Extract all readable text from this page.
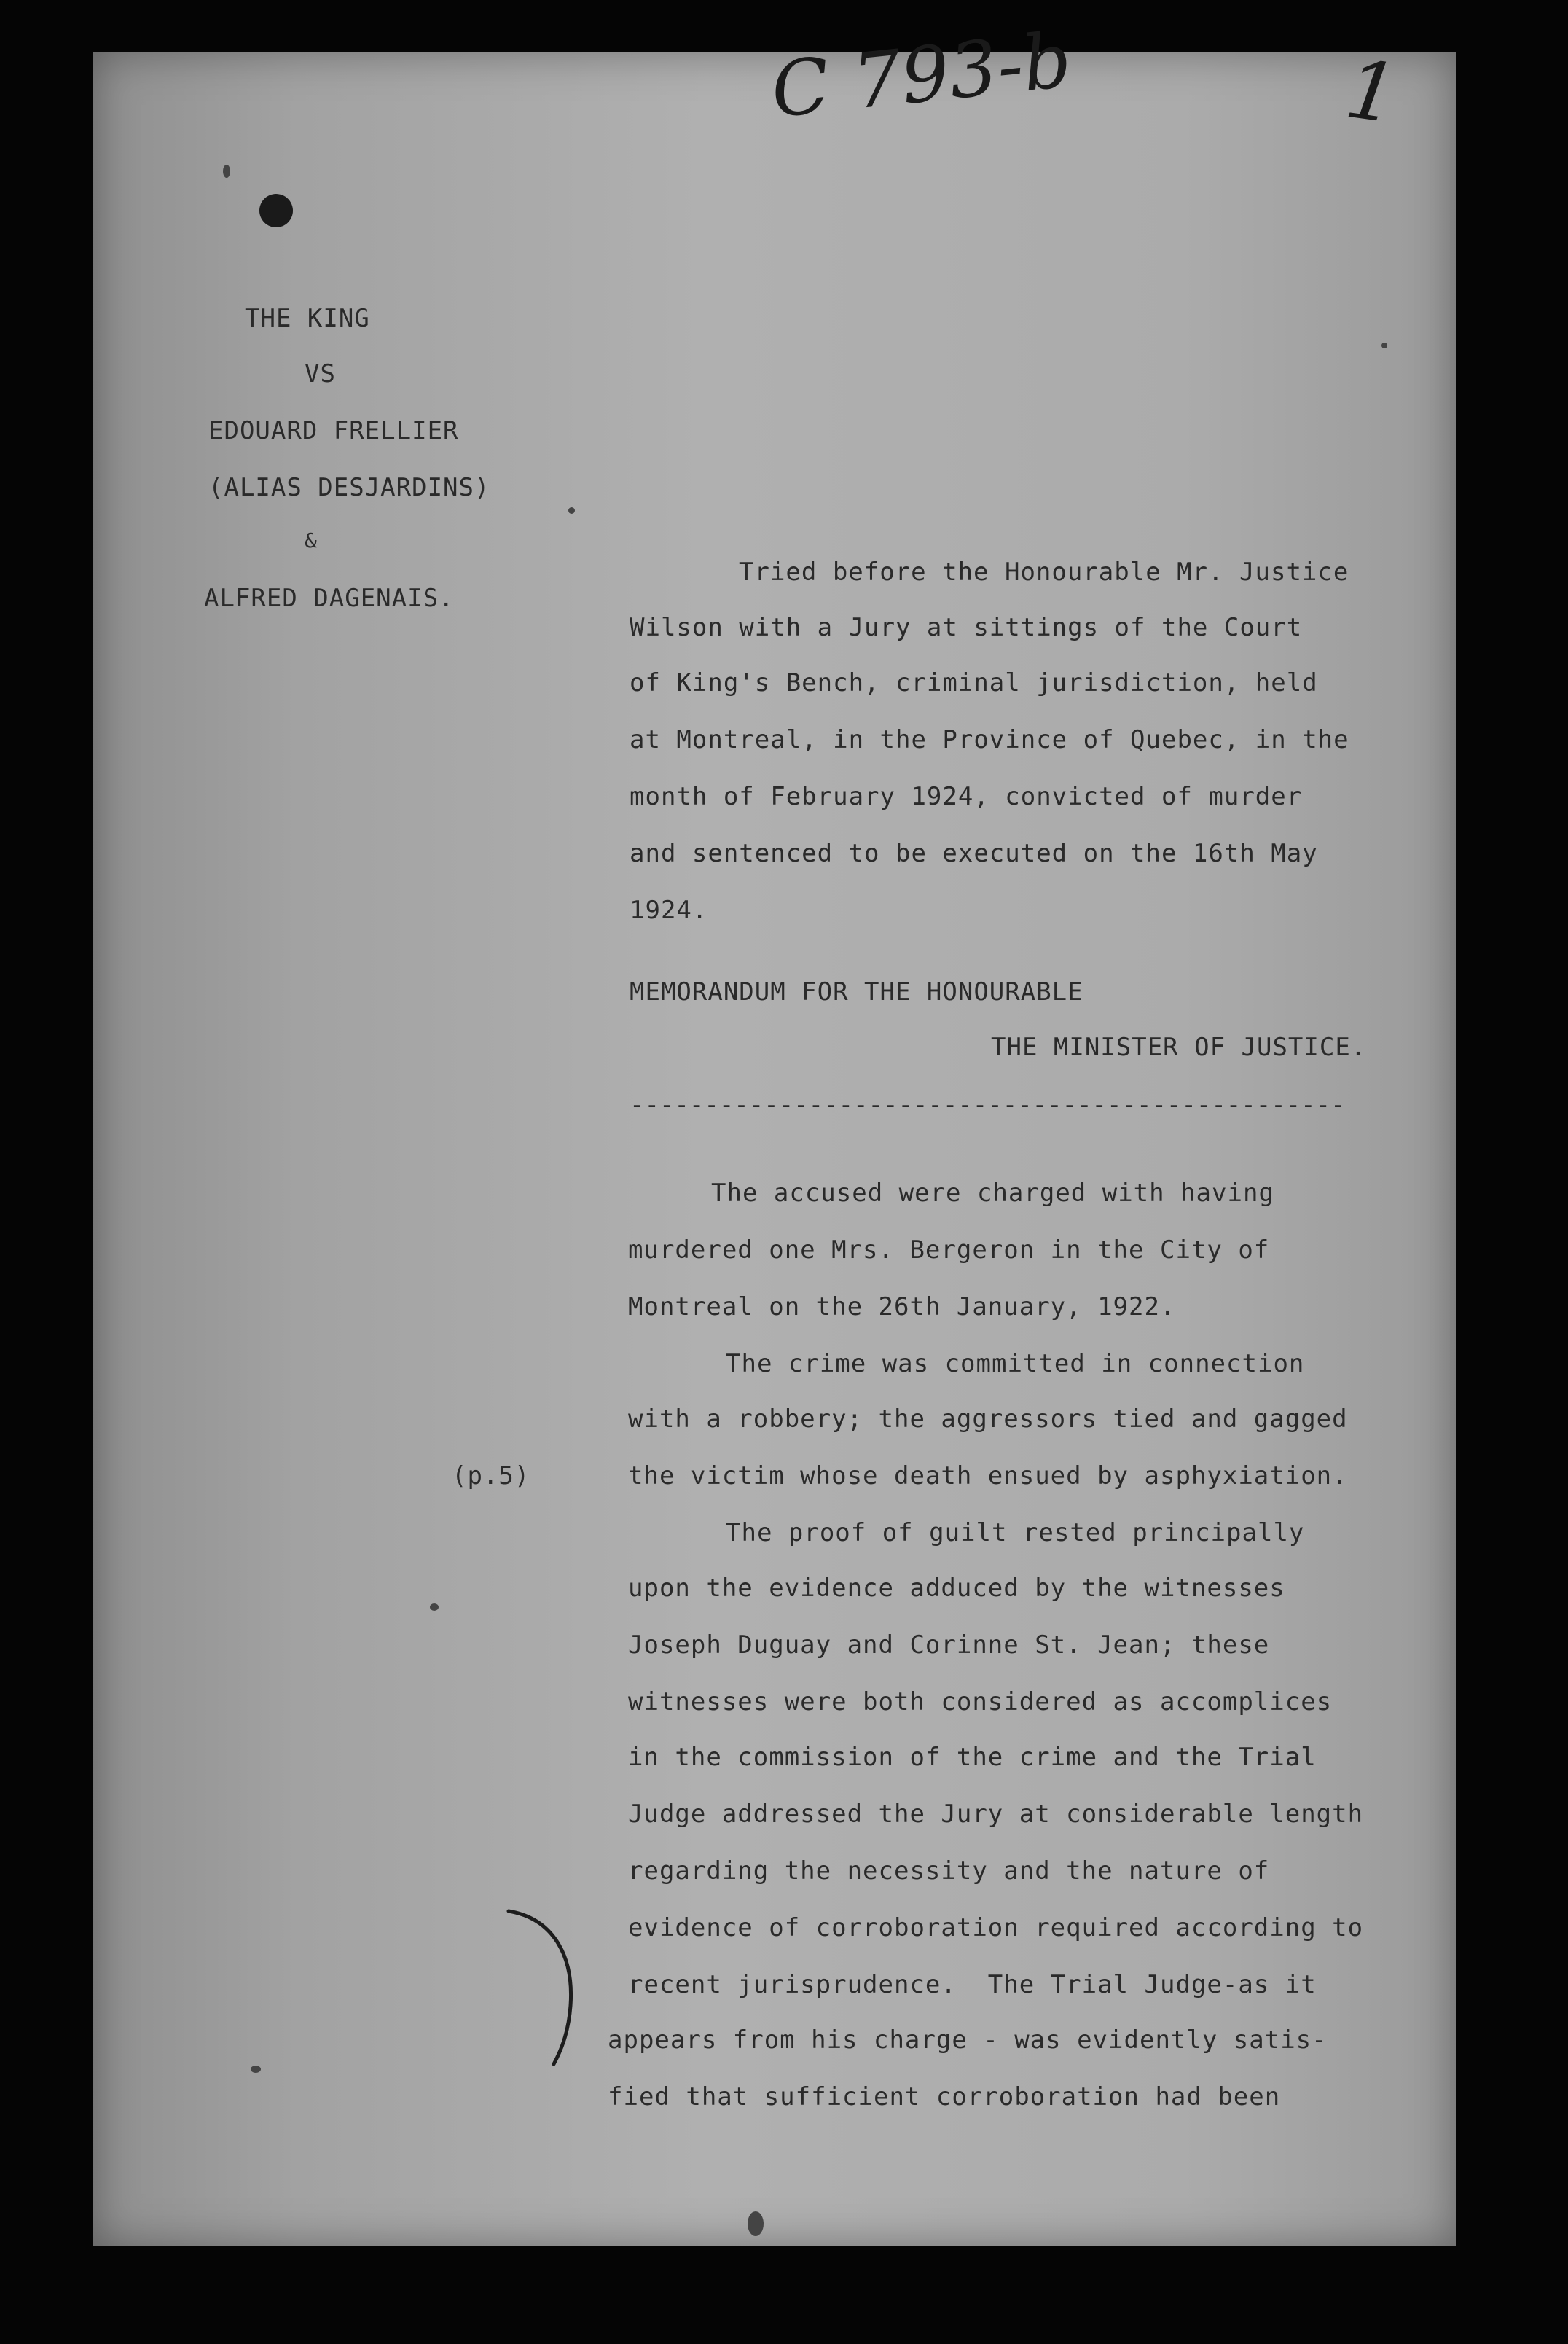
C 793-b	1
THE KING
VS
EDOUARD FRELLIER
(ALIAS DESJARDINS)
&
ALFRED DAGENAIS.
Tried before the Honourable Mr. Justice
Wilson with a Jury at sittings of the Court
of King's Bench, criminal jurisdiction, held
at Montreal, in the Province of Quebec, in the
month of February 1924, convicted of murder
and sentenced to be executed on the 16th May
1924.
MEMORANDUM FOR THE HONOURABLE
THE MINISTER OF JUSTICE.
------------------------------------------------
The accused were charged with having
murdered one Mrs. Bergeron in the City of
Montreal on the 26th January, 1922.
The crime was committed in connection
with a robbery; the aggressors tied and gagged
the victim whose death ensued by asphyxiation.
The proof of guilt rested principally
upon the evidence adduced by the witnesses
Joseph Duguay and Corinne St. Jean; these
witnesses were both considered as accomplices
in the commission of the crime and the Trial
Judge addressed the Jury at considerable length
regarding the necessity and the nature of
evidence of corroboration required according to
recent jurisprudence.  The Trial Judge-as it
appears from his charge - was evidently satis-
fied that sufficient corroboration had been
(p.5)
